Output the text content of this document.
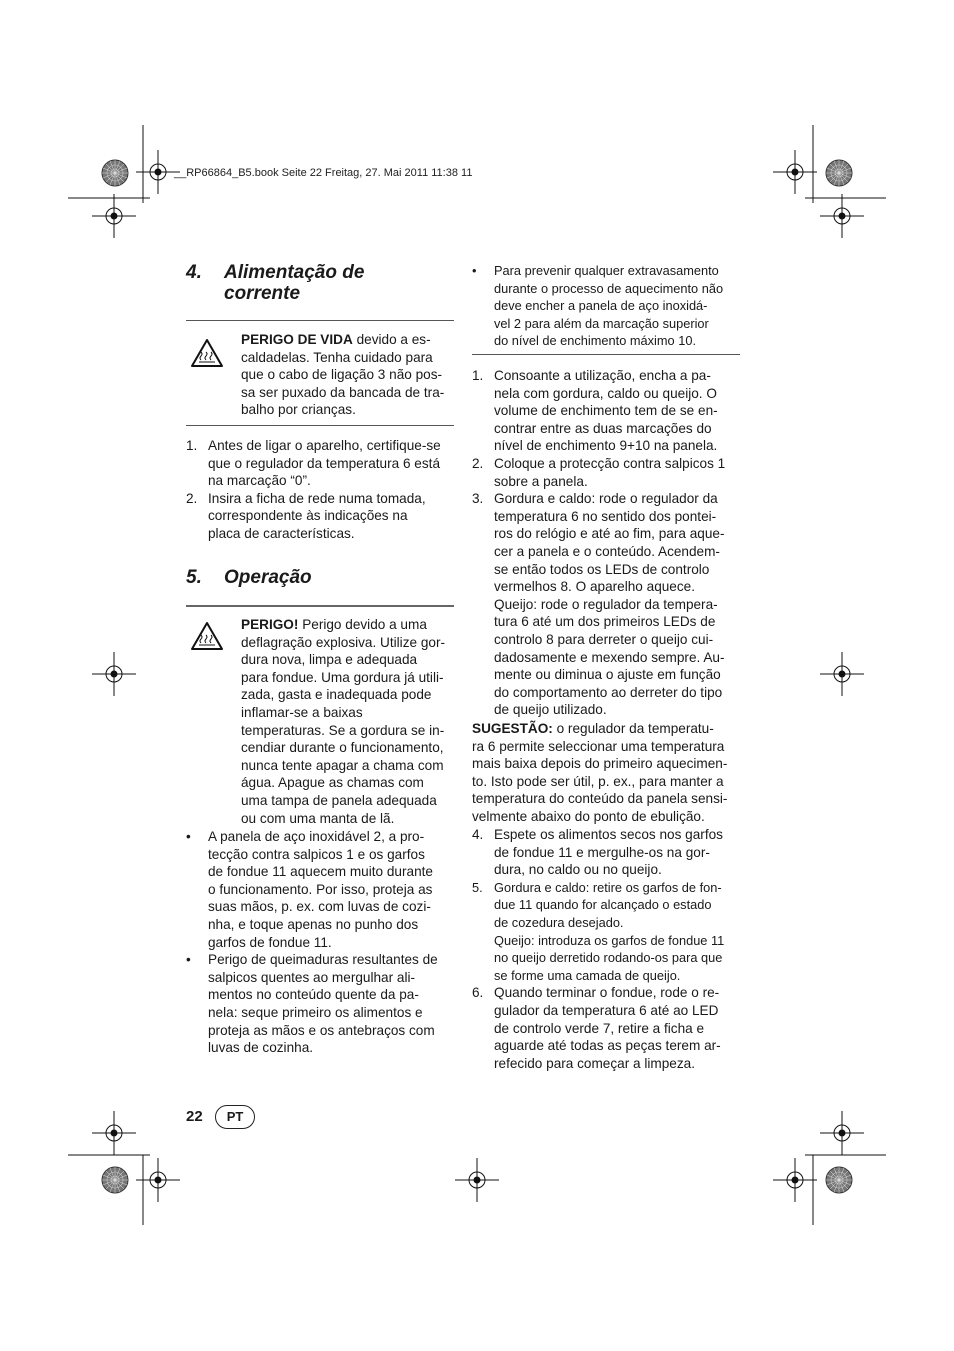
__RP66864_B5.book Seite 22 Freitag, 27. Mai 2011 11:38 11
4. Alimentação de corrente
PERIGO DE VIDA devido a es-
caldadelas. Tenha cuidado para
que o cabo de ligação 3 não pos-
sa ser puxado da bancada de tra-
balho por crianças.
1. Antes de ligar o aparelho, certifique-se
que o regulador da temperatura 6 está
na marcação “0”.
2. Insira a ficha de rede numa tomada,
correspondente às indicações na
placa de características.
5. Operação
PERIGO! Perigo devido a uma
deflagração explosiva. Utilize gor-
dura nova, limpa e adequada
para fondue. Uma gordura já utili-
zada, gasta e inadequada pode
inflamar-se a baixas
temperaturas. Se a gordura se in-
cendiar durante o funcionamento,
nunca tente apagar a chama com
água. Apague as chamas com
uma tampa de panela adequada
ou com uma manta de lã.
• A panela de aço inoxidável 2, a pro-
tecção contra salpicos 1 e os garfos
de fondue 11 aquecem muito durante
o funcionamento. Por isso, proteja as
suas mãos, p. ex. com luvas de cozi-
nha, e toque apenas no punho dos
garfos de fondue 11.
• Perigo de queimaduras resultantes de
salpicos quentes ao mergulhar ali-
mentos no conteúdo quente da pa-
nela: seque primeiro os alimentos e
proteja as mãos e os antebraços com
luvas de cozinha.
• Para prevenir qualquer extravasamento
durante o processo de aquecimento não
deve encher a panela de aço inoxidá-
vel 2 para além da marcação superior
do nível de enchimento máximo 10.
1. Consoante a utilização, encha a pa-
nela com gordura, caldo ou queijo. O
volume de enchimento tem de se en-
contrar entre as duas marcações do
nível de enchimento 9+10 na panela.
2. Coloque a protecção contra salpicos 1
sobre a panela.
3. Gordura e caldo: rode o regulador da
temperatura 6 no sentido dos pontei-
ros do relógio e até ao fim, para aque-
cer a panela e o conteúdo. Acendem-
se então todos os LEDs de controlo
vermelhos 8. O aparelho aquece.
Queijo: rode o regulador da tempera-
tura 6 até um dos primeiros LEDs de
controlo 8 para derreter o queijo cui-
dadosamente e mexendo sempre. Au-
mente ou diminua o ajuste em função
do comportamento ao derreter do tipo
de queijo utilizado.
SUGESTÃO: o regulador da temperatu-
ra 6 permite seleccionar uma temperatura
mais baixa depois do primeiro aquecimen-
to. Isto pode ser útil, p. ex., para manter a
temperatura do conteúdo da panela sensi-
velmente abaixo do ponto de ebulição.
4. Espete os alimentos secos nos garfos
de fondue 11 e mergulhe-os na gor-
dura, no caldo ou no queijo.
5. Gordura e caldo: retire os garfos de fon-
due 11 quando for alcançado o estado
de cozedura desejado.
Queijo: introduza os garfos de fondue 11
no queijo derretido rodando-os para que
se forme uma camada de queijo.
6. Quando terminar o fondue, rode o re-
gulador da temperatura 6 até ao LED
de controlo verde 7, retire a ficha e
aguarde até todas as peças terem ar-
refecido para começar a limpeza.
22	PT
